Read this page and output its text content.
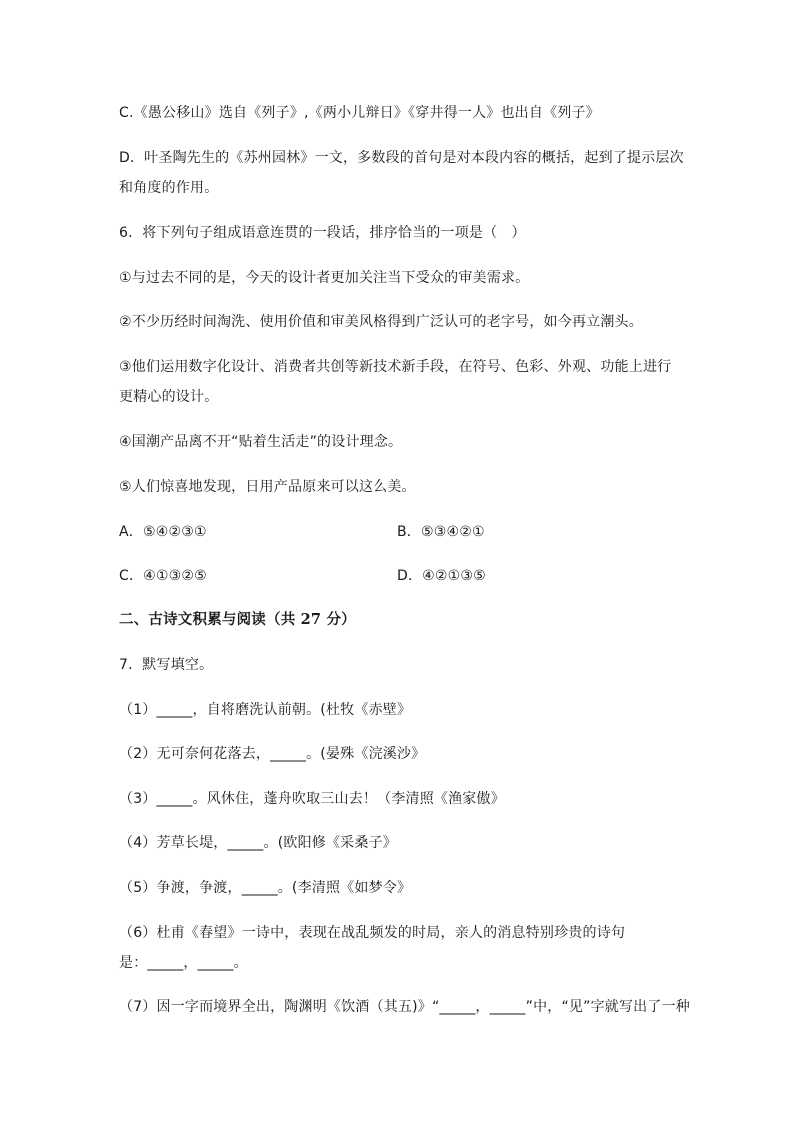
C.《愚公移山》选自《列子》,《两小儿辩日》《穿井得一人》也出自《列子》
D．叶圣陶先生的《苏州园林》一文，多数段的首句是对本段内容的概括，起到了提示层次
和角度的作用。
6．将下列句子组成语意连贯的一段话，排序恰当的一项是（　）
①与过去不同的是，今天的设计者更加关注当下受众的审美需求。
②不少历经时间淘洗、使用价值和审美风格得到广泛认可的老字号，如今再立潮头。
③他们运用数字化设计、消费者共创等新技术新手段，在符号、色彩、外观、功能上进行
更精心的设计。
④国潮产品离不开“贴着生活走”的设计理念。
⑤人们惊喜地发现，日用产品原来可以这么美。
A．⑤④②③①	B．⑤③④②①
C．④①③②⑤	D．④②①③⑤
二、古诗文积累与阅读（共 27 分）
7．默写填空。
（1）_____，自将磨洗认前朝。(杜牧《赤壁》
（2）无可奈何花落去，_____。(晏殊《浣溪沙》
（3）_____。风休住，蓬舟吹取三山去！（李清照《渔家傲》
（4）芳草长堤，_____。(欧阳修《采桑子》
（5）争渡，争渡，_____。(李清照《如梦令》
（6）杜甫《春望》一诗中，表现在战乱频发的时局，亲人的消息特别珍贵的诗句
是：_____，_____。
（7）因一字而境界全出，陶渊明《饮酒（其五)》“_____，_____”中，“见”字就写出了一种
